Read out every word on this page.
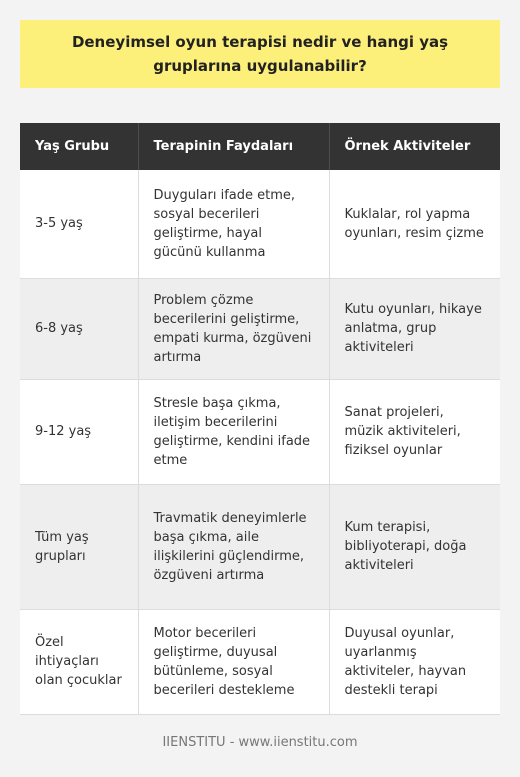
Deneyimsel oyun terapisi nedir ve hangi yaş gruplarına uygulanabilir?
Yaş Grubu	Terapinin Faydaları	Örnek Aktiviteler
3-5 yaş	Duyguları ifade etme, sosyal becerileri geliştirme, hayal gücünü kullanma	Kuklalar, rol yapma oyunları, resim çizme
6-8 yaş	Problem çözme becerilerini geliştirme, empati kurma, özgüveni artırma	Kutu oyunları, hikaye anlatma, grup aktiviteleri
9-12 yaş	Stresle başa çıkma, iletişim becerilerini geliştirme, kendini ifade etme	Sanat projeleri, müzik aktiviteleri, fiziksel oyunlar
Tüm yaş grupları	Travmatik deneyimlerle başa çıkma, aile ilişkilerini güçlendirme, özgüveni artırma	Kum terapisi, bibliyoterapi, doğa aktiviteleri
Özel ihtiyaçları olan çocuklar	Motor becerileri geliştirme, duyusal bütünleme, sosyal becerileri destekleme	Duyusal oyunlar, uyarlanmış aktiviteler, hayvan destekli terapi
IIENSTITU - www.iienstitu.com
